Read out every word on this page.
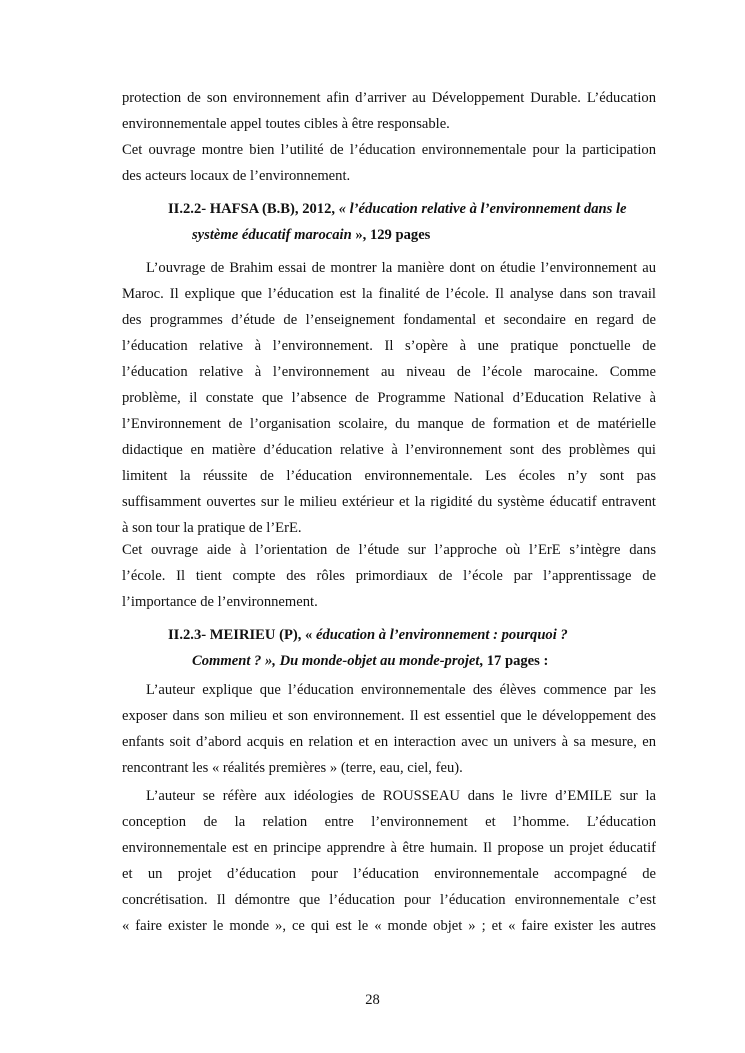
protection de son environnement afin d’arriver au Développement Durable. L’éducation

environnementale appel toutes cibles à être responsable.

Cet ouvrage montre bien l’utilité de l’éducation environnementale pour la participation

des acteurs locaux de l’environnement.

II.2.2- HAFSA (B.B), 2012, « l’éducation relative à l’environnement dans le
système éducatif marocain », 129 pages

L’ouvrage de Brahim essai de montrer la manière dont on étudie l’environnement au

Maroc. Il explique que l’éducation est la finalité de l’école. Il analyse dans son travail

des programmes d’étude de l’enseignement fondamental et secondaire en regard de

l’éducation relative à l’environnement. Il s’opère à une pratique ponctuelle de

l’éducation relative à l’environnement au niveau de l’école marocaine. Comme

problème, il constate que l’absence de Programme National d’Education Relative à

l’Environnement de l’organisation scolaire, du manque de formation et de matérielle

didactique en matière d’éducation relative à l’environnement sont des problèmes qui

limitent la réussite de l’éducation environnementale. Les écoles n’y sont pas

suffisamment ouvertes sur le milieu extérieur et la rigidité du système éducatif entravent

à son tour la pratique de l’ErE.

Cet ouvrage aide à l’orientation de l’étude sur l’approche où l’ErE s’intègre dans

l’école. Il tient compte des rôles primordiaux de l’école par l’apprentissage de

l’importance de l’environnement.

II.2.3- MEIRIEU (P), « éducation à l’environnement : pourquoi ?
Comment ? », Du monde-objet au monde-projet, 17 pages :

L’auteur explique que l’éducation environnementale des élèves commence par les

exposer dans son milieu et son environnement. Il est essentiel que le développement des

enfants soit d’abord acquis en relation et en interaction avec un univers à sa mesure, en

rencontrant les « réalités premières » (terre, eau, ciel, feu).

L’auteur se réfère aux idéologies de ROUSSEAU dans le livre d’EMILE sur la

conception de la relation entre l’environnement et l’homme. L’éducation

environnementale est en principe apprendre à être humain. Il propose un projet éducatif

et un projet d’éducation pour l’éducation environnementale accompagné de

concrétisation. Il démontre que l’éducation pour l’éducation environnementale c’est

« faire exister le monde », ce qui est le « monde objet » ; et « faire exister les autres

28
